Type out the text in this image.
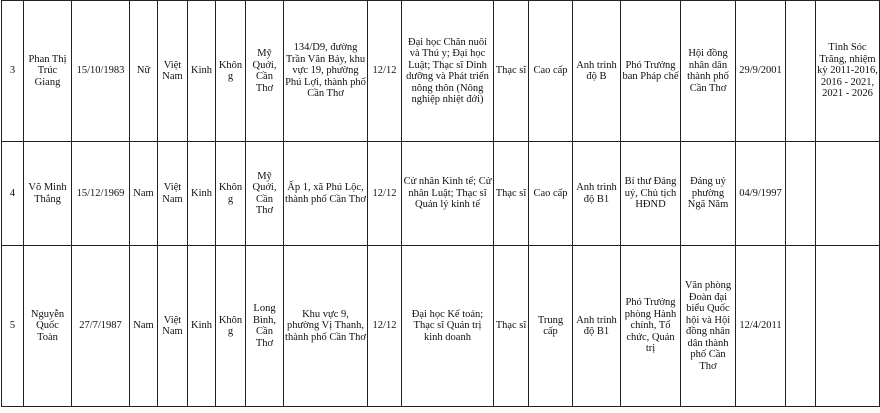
3	Phan Thị Trúc Giang	15/10/1983	Nữ	Việt Nam	Kinh	Không	Mỹ Quới, Cần Thơ	134/D9, đường Trần Văn Bảy, khu vực 19, phường Phú Lợi, thành phố Cần Thơ	12/12	Đại học Chăn nuôi và Thú y; Đại học Luật; Thạc sĩ Dinh dưỡng và Phát triển nông thôn (Nông nghiệp nhiệt đới)	Thạc sĩ	Cao cấp	Anh trình độ B	Phó Trưởng ban Pháp chế	Hội đồng nhân dân thành phố Cần Thơ	29/9/2001		Tỉnh Sóc Trăng, nhiệm kỳ 2011-2016, 2016 - 2021, 2021 - 2026
4	Võ Minh Thắng	15/12/1969	Nam	Việt Nam	Kinh	Không	Mỹ Quới, Cần Thơ	Ấp 1, xã Phú Lộc, thành phố Cần Thơ	12/12	Cử nhân Kinh tế; Cử nhân Luật; Thạc sĩ Quản lý kinh tế	Thạc sĩ	Cao cấp	Anh trình độ B1	Bí thư Đảng uỷ, Chủ tịch HĐND	Đảng uỷ phường Ngã Năm	04/9/1997		
5	Nguyễn Quốc Toàn	27/7/1987	Nam	Việt Nam	Kinh	Không	Long Bình, Cần Thơ	Khu vực 9, phường Vị Thanh, thành phố Cần Thơ	12/12	Đại học Kế toán; Thạc sĩ Quản trị kinh doanh	Thạc sĩ	Trung cấp	Anh trình độ B1	Phó Trưởng phòng Hành chính, Tổ chức, Quản trị	Văn phòng Đoàn đại biểu Quốc hội và Hội đồng nhân dân thành phố Cần Thơ	12/4/2011		
